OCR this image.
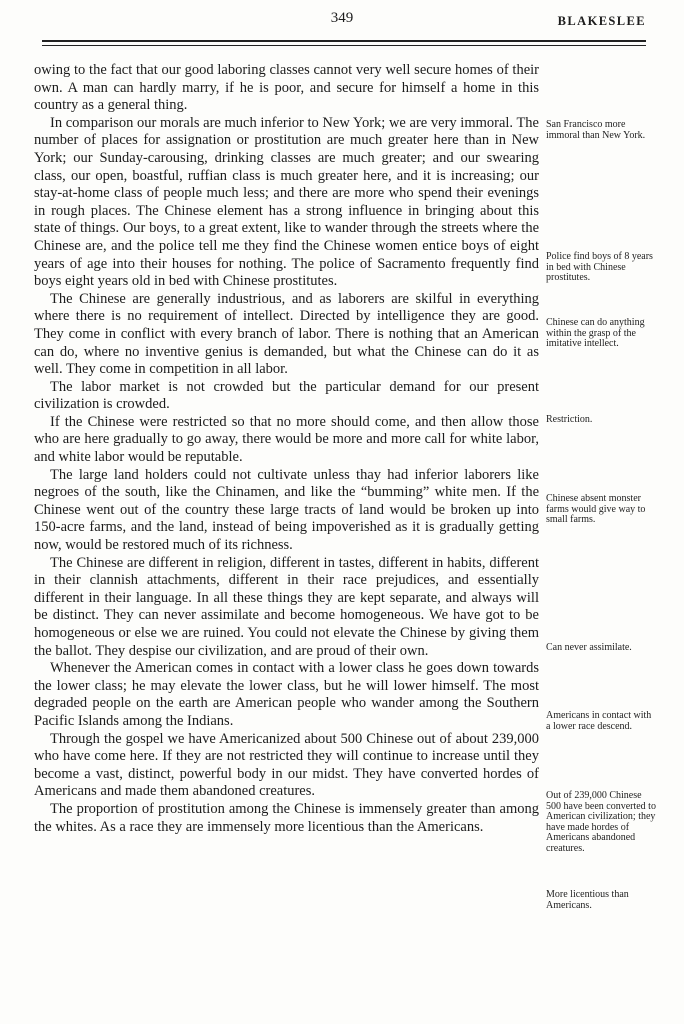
349	BLAKESLEE

owing to the fact that our good laboring classes cannot very well secure homes of their own. A man can hardly marry, if he is poor, and secure for himself a home in this country as a general thing.

In comparison our morals are much inferior to New York; we are very immoral. The number of places for assignation or prostitution are much greater here than in New York; our Sunday-carousing, drinking classes are much greater; and our swearing class, our open, boastful, ruffian class is much greater here, and it is increasing; our stay-at-home class of people much less; and there are more who spend their evenings in rough places. The Chinese element has a strong influence in bringing about this state of things. Our boys, to a great extent, like to wander through the streets where the Chinese are, and the police tell me they find the Chinese women entice boys of eight years of age into their houses for nothing. The police of Sacramento frequently find boys eight years old in bed with Chinese prostitutes.

The Chinese are generally industrious, and as laborers are skilful in everything where there is no requirement of intellect. Directed by intelligence they are good. They come in conflict with every branch of labor. There is nothing that an American can do, where no inventive genius is demanded, but what the Chinese can do it as well. They come in competition in all labor.

The labor market is not crowded but the particular demand for our present civilization is crowded.

If the Chinese were restricted so that no more should come, and then allow those who are here gradually to go away, there would be more and more call for white labor, and white labor would be reputable.

The large land holders could not cultivate unless thay had inferior laborers like negroes of the south, like the Chinamen, and like the “bumming” white men. If the Chinese went out of the country these large tracts of land would be broken up into 150-acre farms, and the land, instead of being impoverished as it is gradually getting now, would be restored much of its richness.

The Chinese are different in religion, different in tastes, different in habits, different in their clannish attachments, different in their race prejudices, and essentially different in their language. In all these things they are kept separate, and always will be distinct. They can never assimilate and become homogeneous. We have got to be homogeneous or else we are ruined. You could not elevate the Chinese by giving them the ballot. They despise our civilization, and are proud of their own.

Whenever the American comes in contact with a lower class he goes down towards the lower class; he may elevate the lower class, but he will lower himself. The most degraded people on the earth are American people who wander among the Southern Pacific Islands among the Indians.

Through the gospel we have Americanized about 500 Chinese out of about 239,000 who have come here. If they are not restricted they will continue to increase until they become a vast, distinct, powerful body in our midst. They have converted hordes of Americans and made them abandoned creatures.

The proportion of prostitution among the Chinese is immensely greater than among the whites. As a race they are immensely more licentious than the Americans.

San Francisco more immoral than New York.
Police find boys of 8 years in bed with Chinese prostitutes.
Chinese can do anything within the grasp of the imitative intellect.
Restriction.
Chinese absent monster farms would give way to small farms.
Can never assimilate.
Americans in contact with a lower race descend.
Out of 239,000 Chinese 500 have been converted to American civilization; they have made hordes of Americans abandoned creatures.
More licentious than Americans.
